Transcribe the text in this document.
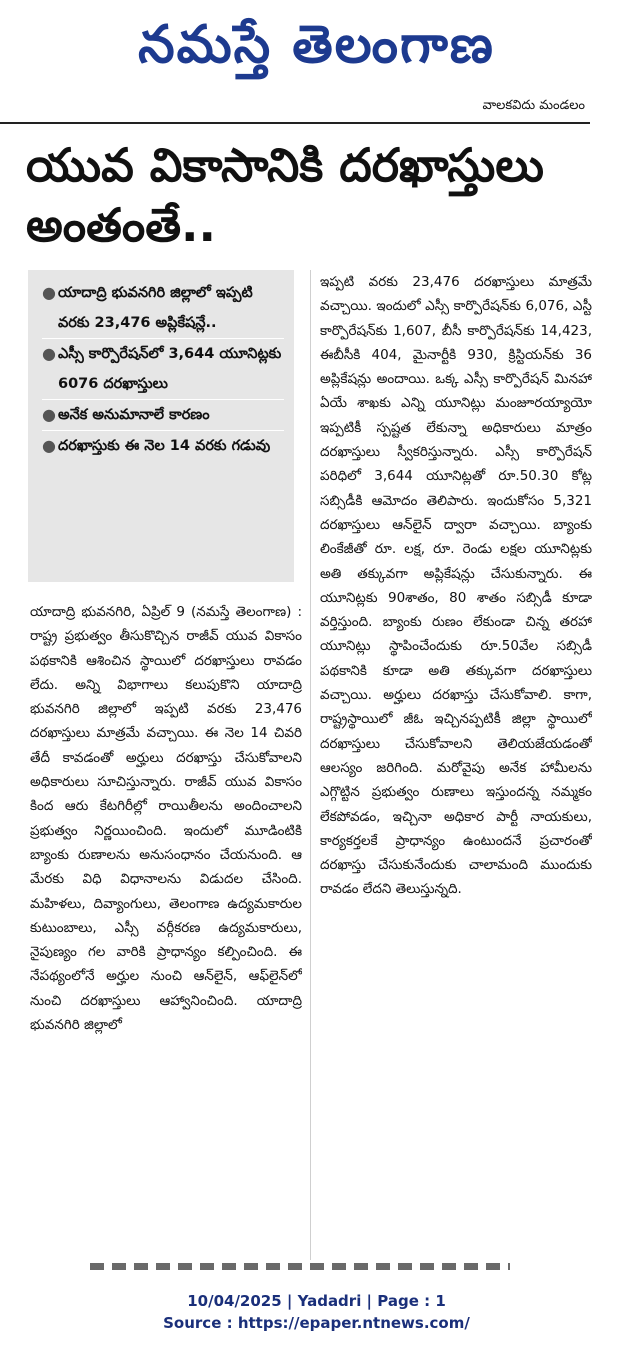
నమస్తే తెలంగాణ
వాలకవిదు మండలం
యువ వికాసానికి దరఖాస్తులు అంతంతే..
● యాదాద్రి భువనగిరి జిల్లాలో ఇప్పటి వరకు 23,476 అప్లికేషన్లే..
● ఎస్సీ కార్పొరేషన్‌లో 3,644 యూనిట్లకు 6076 దరఖాస్తులు
● అనేక అనుమానాలే కారణం
● దరఖాస్తుకు ఈ నెల 14 వరకు గడువు
యాదాద్రి భువనగిరి, ఏప్రిల్ 9 (నమస్తే తెలంగాణ) : రాష్ట్ర ప్రభుత్వం తీసుకొచ్చిన రాజీవ్ యువ వికాసం పథకానికి ఆశించిన స్థాయిలో దరఖాస్తులు రావడం లేదు. అన్ని విభాగాలు కలుపుకొని యాదాద్రి భువనగిరి జిల్లాలో ఇప్పటి వరకు 23,476 దరఖాస్తులు మాత్రమే వచ్చాయి. ఈ నెల 14 చివరి తేదీ కావడంతో అర్హులు దరఖాస్తు చేసుకోవాలని అధికారులు సూచిస్తున్నారు. రాజీవ్ యువ వికాసం కింద ఆరు కేటగిరీల్లో రాయితీలను అందించాలని ప్రభుత్వం నిర్ణయించింది. ఇందులో మూడింటికి బ్యాంకు రుణాలను అనుసంధానం చేయనుంది. ఆ మేరకు విధి విధానాలను విడుదల చేసింది. మహిళలు, దివ్యాంగులు, తెలంగాణ ఉద్యమకారుల కుటుంబాలు, ఎస్సీ వర్గీకరణ ఉద్యమకారులు, నైపుణ్యం గల వారికి ప్రాధాన్యం కల్పించింది. ఈ నేపథ్యంలోనే అర్హుల నుంచి ఆన్‌లైన్, ఆఫ్‌లైన్‌లో నుంచి దరఖాస్తులు ఆహ్వానించింది. యాదాద్రి భువనగిరి జిల్లాలో
ఇప్పటి వరకు 23,476 దరఖాస్తులు మాత్రమే వచ్చాయి. ఇందులో ఎస్సీ కార్పొరేషన్‌కు 6,076, ఎస్టీ కార్పొరేషన్‌కు 1,607, బీసీ కార్పొరేషన్‌కు 14,423, ఈబీసీకి 404, మైనార్టీకి 930, క్రిస్టియన్‌కు 36 అప్లికేషన్లు అందాయి. ఒక్క ఎస్సీ కార్పొరేషన్ మినహా ఏయే శాఖకు ఎన్ని యూనిట్లు మంజూరయ్యాయో ఇప్పటికీ స్పష్టత లేకున్నా అధికారులు మాత్రం దరఖాస్తులు స్వీకరిస్తున్నారు. ఎస్సీ కార్పొరేషన్ పరిధిలో 3,644 యూనిట్లతో రూ.50.30 కోట్ల సబ్సిడీకి ఆమోదం తెలిపారు. ఇందుకోసం 5,321 దరఖాస్తులు ఆన్‌లైన్ ద్వారా వచ్చాయి. బ్యాంకు లింకేజీతో రూ. లక్ష, రూ. రెండు లక్షల యూనిట్లకు అతి తక్కువగా అప్లికేషన్లు చేసుకున్నారు. ఈ యూనిట్లకు 90శాతం, 80 శాతం సబ్సిడీ కూడా వర్తిస్తుంది. బ్యాంకు రుణం లేకుండా చిన్న తరహా యూనిట్లు స్థాపించేందుకు రూ.50వేల సబ్సిడీ పథకానికి కూడా అతి తక్కువగా దరఖాస్తులు వచ్చాయి. అర్హులు దరఖాస్తు చేసుకోవాలి. కాగా, రాష్ట్రస్థాయిలో జీఓ ఇచ్చినప్పటికీ జిల్లా స్థాయిలో దరఖాస్తులు చేసుకోవాలని తెలియజేయడంతో ఆలస్యం జరిగింది. మరోవైపు అనేక హామీలను ఎగ్గొట్టిన ప్రభుత్వం రుణాలు ఇస్తుందన్న నమ్మకం లేకపోవడం, ఇచ్చినా అధికార పార్టీ నాయకులు, కార్యకర్తలకే ప్రాధాన్యం ఉంటుందనే ప్రచారంతో దరఖాస్తు చేసుకునేందుకు చాలామంది ముందుకు రావడం లేదని తెలుస్తున్నది.
10/04/2025 | Yadadri | Page : 1
Source : https://epaper.ntnews.com/
